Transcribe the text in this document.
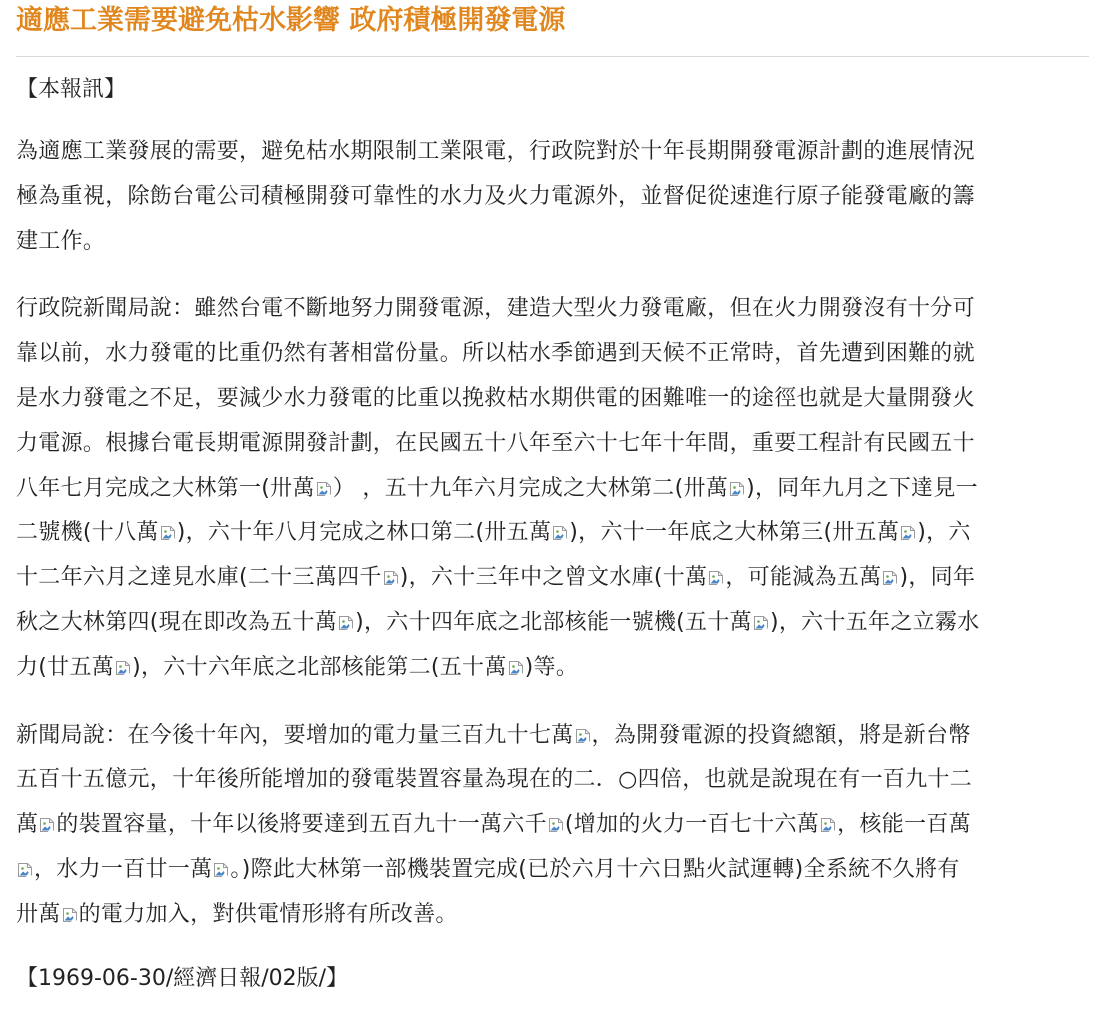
適應工業需要避免枯水影響 政府積極開發電源

【本報訊】

為適應工業發展的需要，避免枯水期限制工業限電，行政院對於十年長期開發電源計劃的進展情況
極為重視，除飭台電公司積極開發可靠性的水力及火力電源外，並督促從速進行原子能發電廠的籌
建工作。

行政院新聞局說：雖然台電不斷地努力開發電源，建造大型火力發電廠，但在火力開發沒有十分可
靠以前，水力發電的比重仍然有著相當份量。所以枯水季節遇到天候不正常時，首先遭到困難的就
是水力發電之不足，要減少水力發電的比重以挽救枯水期供電的困難唯一的途徑也就是大量開發火
力電源。根據台電長期電源開發計劃，在民國五十八年至六十七年十年間，重要工程計有民國五十
八年七月完成之大林第一(卅萬 ） ，五十九年六月完成之大林第二(卅萬 )，同年九月之下達見一
二號機(十八萬 )，六十年八月完成之林口第二(卅五萬 )，六十一年底之大林第三(卅五萬 )，六
十二年六月之達見水庫(二十三萬四千 )，六十三年中之曾文水庫(十萬 ，可能減為五萬 )，同年
秋之大林第四(現在即改為五十萬 )，六十四年底之北部核能一號機(五十萬 )，六十五年之立霧水
力(廿五萬 )，六十六年底之北部核能第二(五十萬 )等。

新聞局說：在今後十年內，要增加的電力量三百九十七萬 ，為開發電源的投資總額，將是新台幣
五百十五億元，十年後所能增加的發電裝置容量為現在的二．○四倍，也就是說現在有一百九十二
萬 的裝置容量，十年以後將要達到五百九十一萬六千 (增加的火力一百七十六萬 ，核能一百萬
，水力一百廿一萬 。)際此大林第一部機裝置完成(已於六月十六日點火試運轉)全系統不久將有
卅萬 的電力加入，對供電情形將有所改善。

【1969-06-30/經濟日報/02版/】
